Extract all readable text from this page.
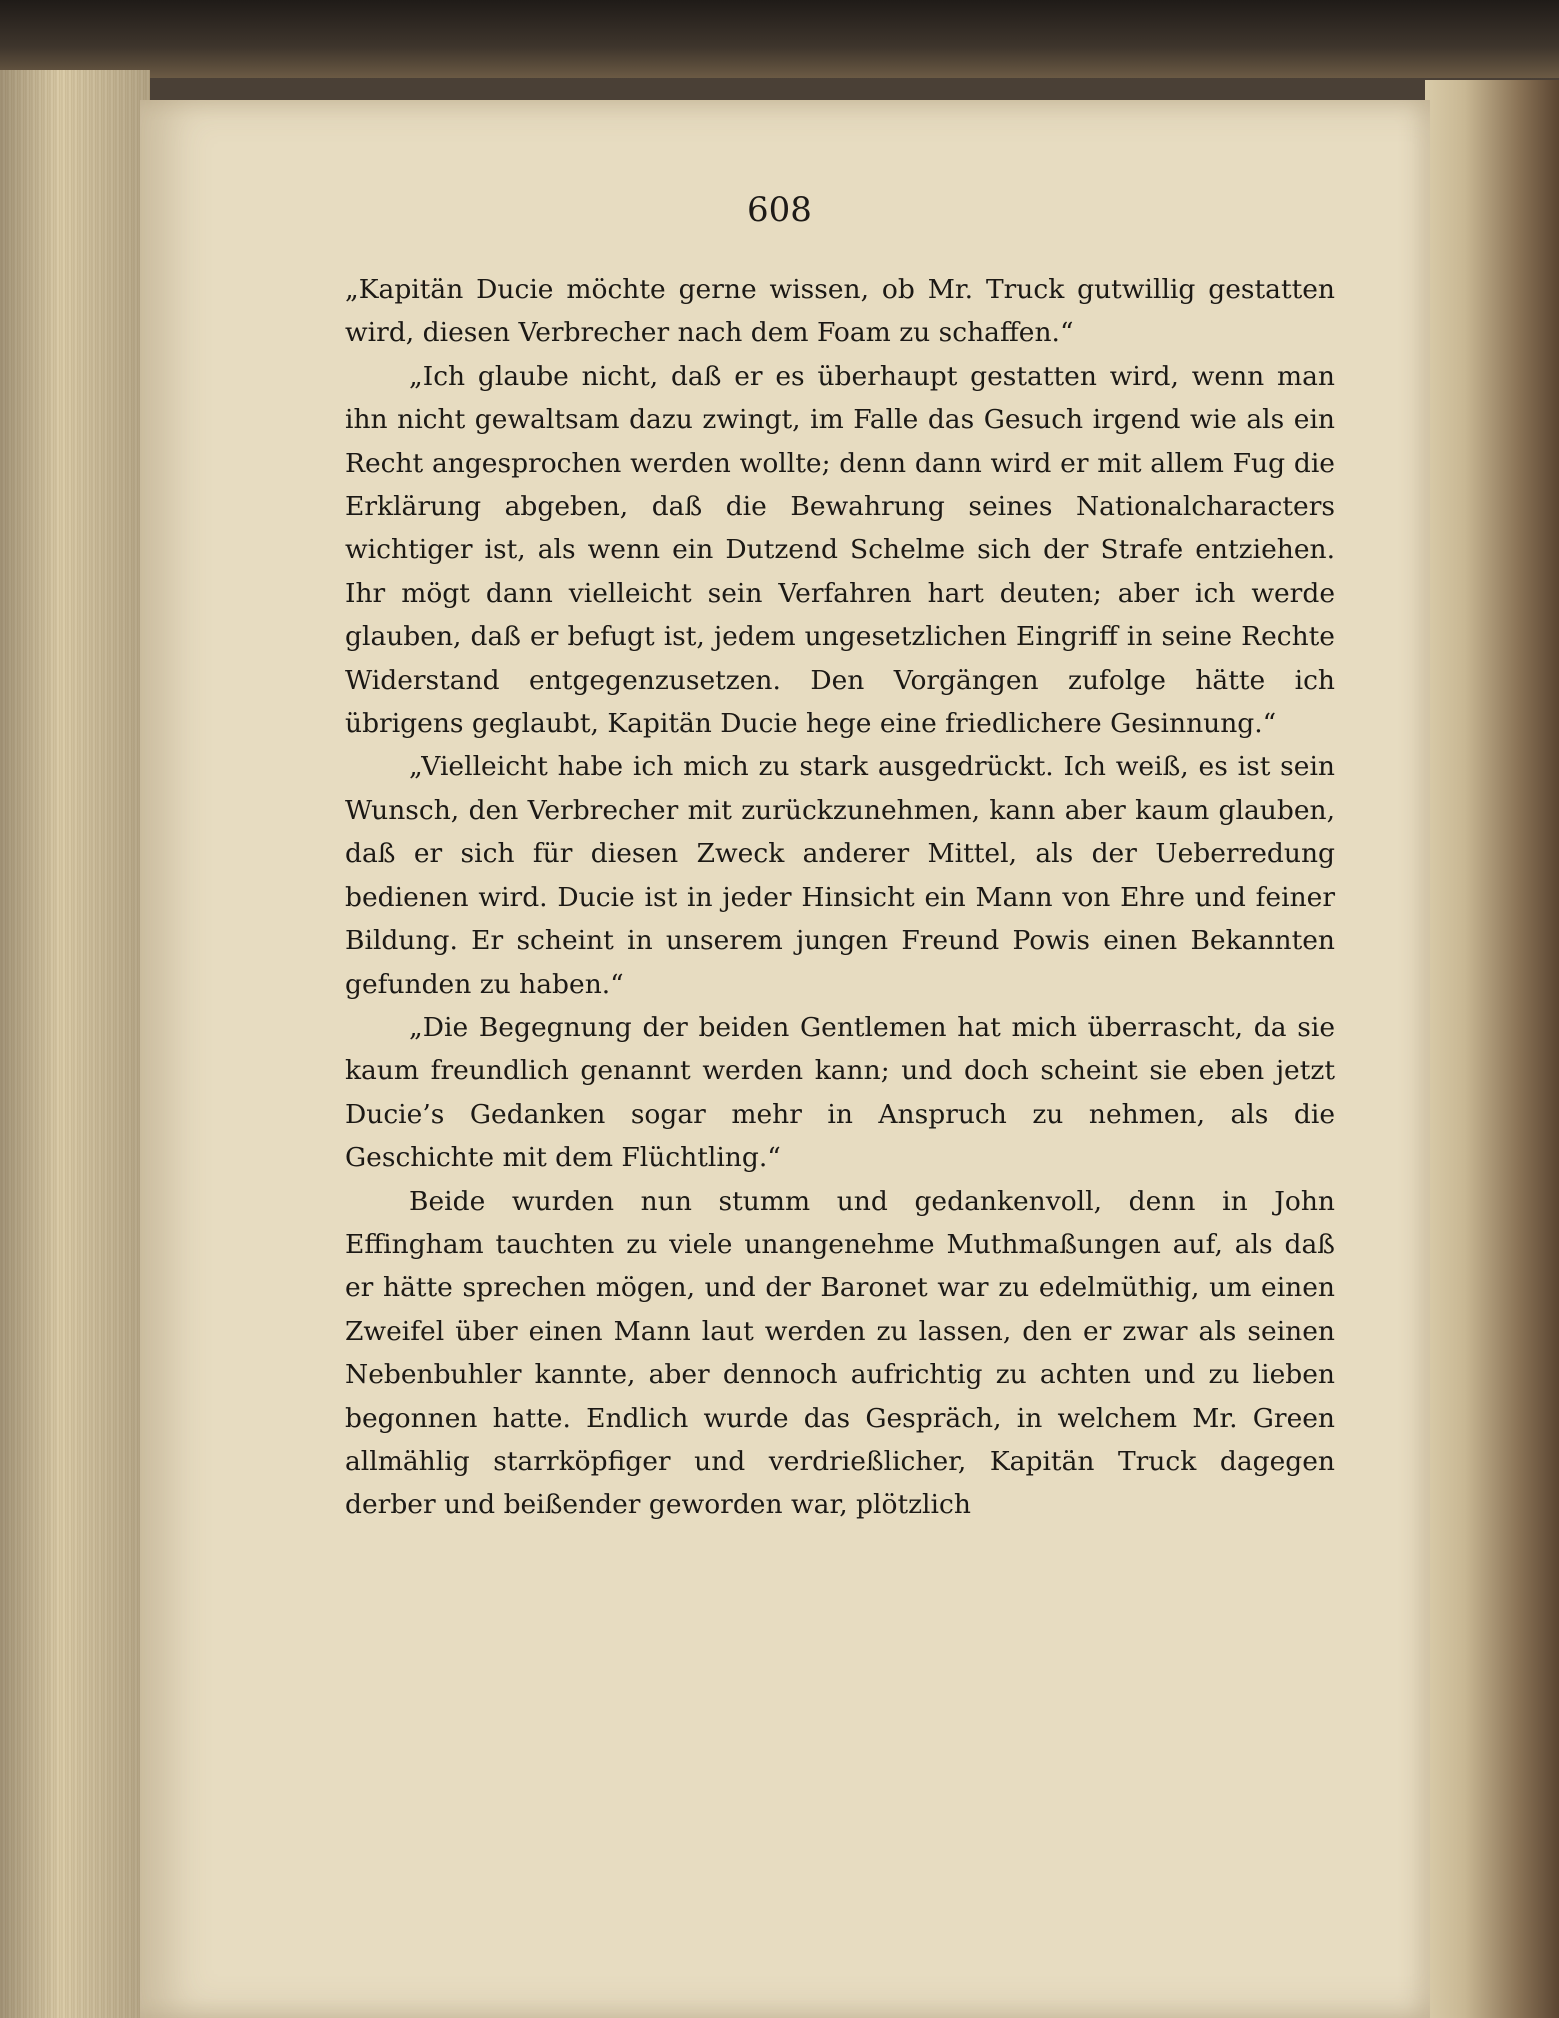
608

„Kapitän Ducie möchte gerne wissen, ob Mr. Truck gutwillig gestatten wird, diesen Verbrecher nach dem Foam zu schaffen.“

„Ich glaube nicht, daß er es überhaupt gestatten wird, wenn man ihn nicht gewaltsam dazu zwingt, im Falle das Gesuch irgend wie als ein Recht angesprochen werden wollte; denn dann wird er mit allem Fug die Erklärung abgeben, daß die Bewahrung seines Nationalcharacters wichtiger ist, als wenn ein Dutzend Schelme sich der Strafe entziehen. Ihr mögt dann vielleicht sein Verfahren hart deuten; aber ich werde glauben, daß er befugt ist, jedem ungesetzlichen Eingriff in seine Rechte Widerstand entgegenzusetzen. Den Vorgängen zufolge hätte ich übrigens geglaubt, Kapitän Ducie hege eine friedlichere Gesinnung.“

„Vielleicht habe ich mich zu stark ausgedrückt. Ich weiß, es ist sein Wunsch, den Verbrecher mit zurückzunehmen, kann aber kaum glauben, daß er sich für diesen Zweck anderer Mittel, als der Ueberredung bedienen wird. Ducie ist in jeder Hinsicht ein Mann von Ehre und feiner Bildung. Er scheint in unserem jungen Freund Powis einen Bekannten gefunden zu haben.“

„Die Begegnung der beiden Gentlemen hat mich überrascht, da sie kaum freundlich genannt werden kann; und doch scheint sie eben jetzt Ducie’s Gedanken sogar mehr in Anspruch zu nehmen, als die Geschichte mit dem Flüchtling.“

Beide wurden nun stumm und gedankenvoll, denn in John Effingham tauchten zu viele unangenehme Muthmaßungen auf, als daß er hätte sprechen mögen, und der Baronet war zu edelmüthig, um einen Zweifel über einen Mann laut werden zu lassen, den er zwar als seinen Nebenbuhler kannte, aber dennoch aufrichtig zu achten und zu lieben begonnen hatte. Endlich wurde das Gespräch, in welchem Mr. Green allmählig starrköpfiger und verdrießlicher, Kapitän Truck dagegen derber und beißender geworden war, plötzlich
